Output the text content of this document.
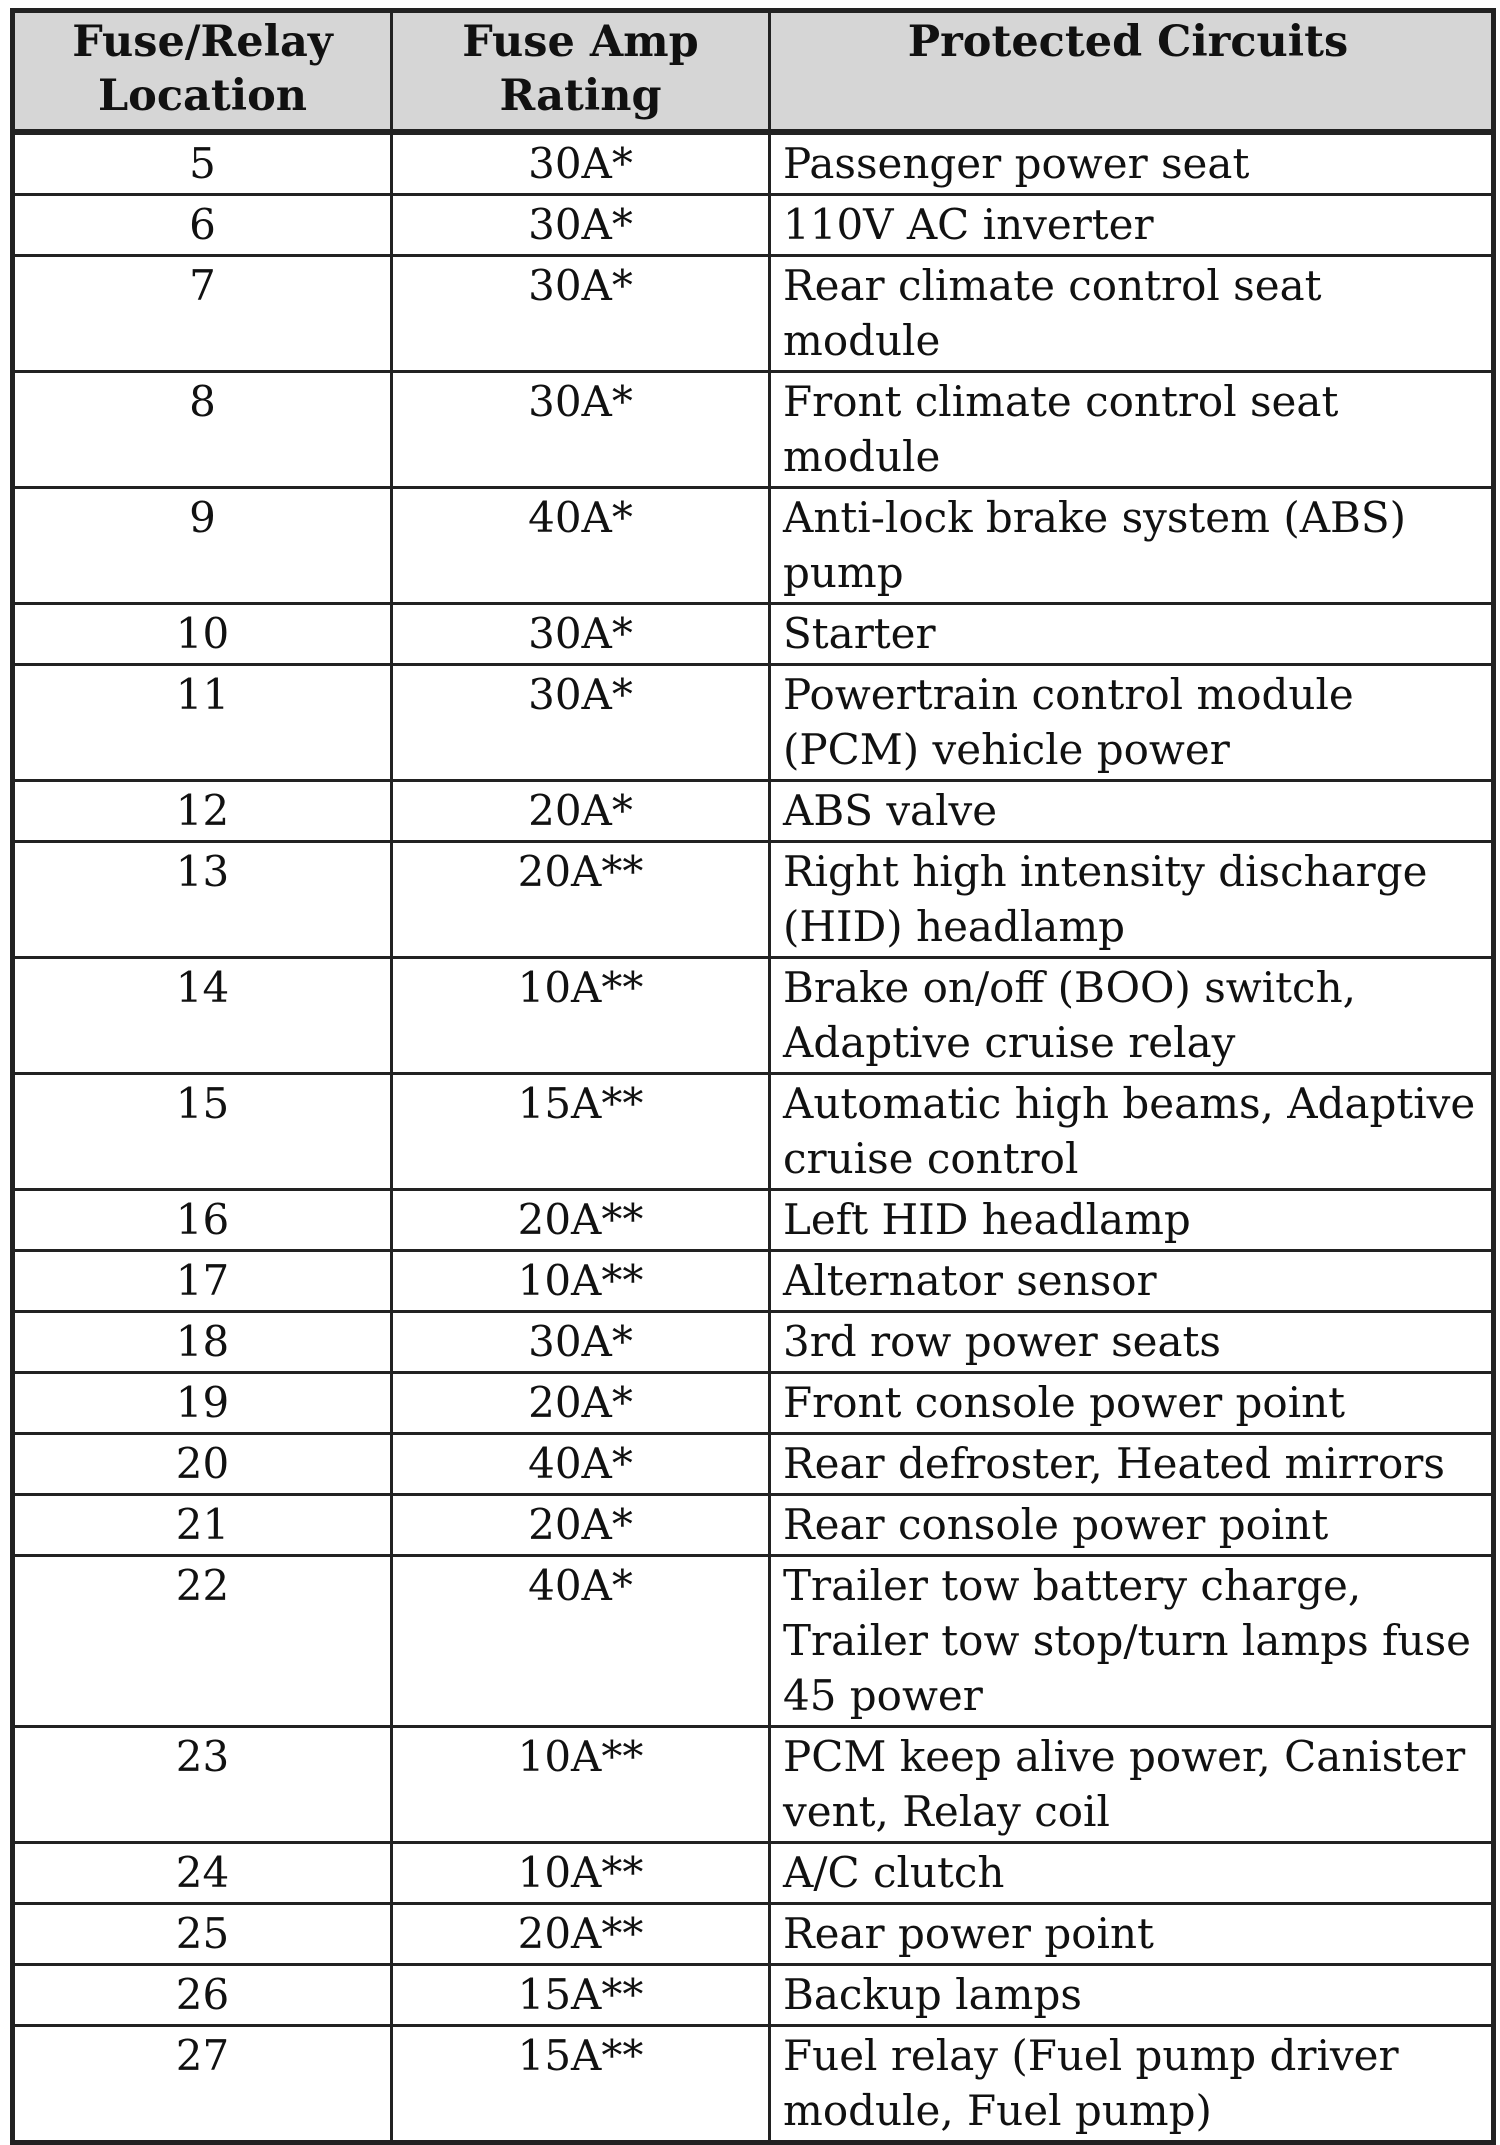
Fuse/Relay Location	Fuse Amp Rating	Protected Circuits
5	30A*	Passenger power seat
6	30A*	110V AC inverter
7	30A*	Rear climate control seat module
8	30A*	Front climate control seat module
9	40A*	Anti-lock brake system (ABS) pump
10	30A*	Starter
11	30A*	Powertrain control module (PCM) vehicle power
12	20A*	ABS valve
13	20A**	Right high intensity discharge (HID) headlamp
14	10A**	Brake on/off (BOO) switch, Adaptive cruise relay
15	15A**	Automatic high beams, Adaptive cruise control
16	20A**	Left HID headlamp
17	10A**	Alternator sensor
18	30A*	3rd row power seats
19	20A*	Front console power point
20	40A*	Rear defroster, Heated mirrors
21	20A*	Rear console power point
22	40A*	Trailer tow battery charge, Trailer tow stop/turn lamps fuse 45 power
23	10A**	PCM keep alive power, Canister vent, Relay coil
24	10A**	A/C clutch
25	20A**	Rear power point
26	15A**	Backup lamps
27	15A**	Fuel relay (Fuel pump driver module, Fuel pump)
